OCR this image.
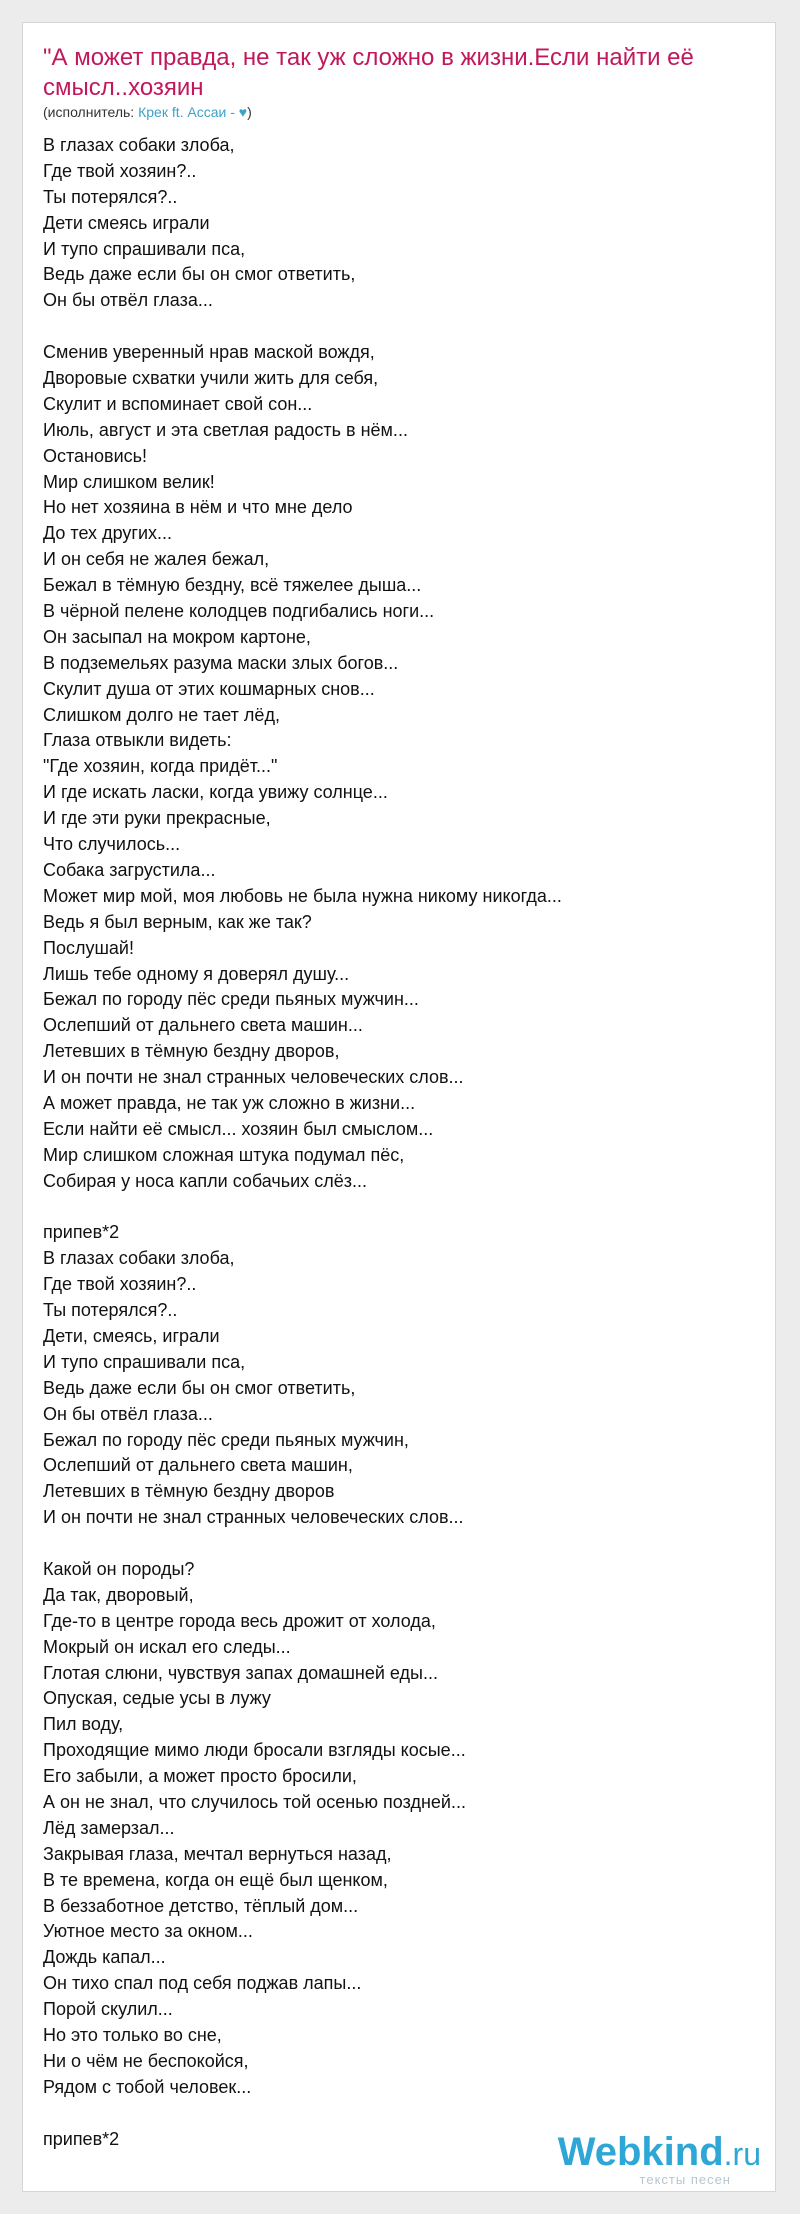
"А может правда, не так уж сложно в жизни.Если найти её смысл..хозяин
(исполнитель: Крек ft. Ассаи - ♥)
В глазах собаки злоба,
Где твой хозяин?..
Ты потерялся?..
Дети смеясь играли
И тупо спрашивали пса,
Ведь даже если бы он смог ответить,
Он бы отвёл глаза...
Сменив уверенный нрав маской вождя,
Дворовые схватки учили жить для себя,
Скулит и вспоминает свой сон...
Июль, август и эта светлая радость в нём...
Остановись!
Мир слишком велик!
Но нет хозяина в нём и что мне дело
До тех других...
И он себя не жалея бежал,
Бежал в тёмную бездну, всё тяжелее дыша...
В чёрной пелене колодцев подгибались ноги...
Он засыпал на мокром картоне,
В подземельях разума маски злых богов...
Скулит душа от этих кошмарных снов...
Слишком долго не тает лёд,
Глаза отвыкли видеть:
"Где хозяин, когда придёт..."
И где искать ласки, когда увижу солнце...
И где эти руки прекрасные,
Что случилось...
Собака загрустила...
Может мир мой, моя любовь не была нужна никому никогда...
Ведь я был верным, как же так?
Послушай!
Лишь тебе одному я доверял душу...
Бежал по городу пёс среди пьяных мужчин...
Ослепший от дальнего света машин...
Летевших в тёмную бездну дворов,
И он почти не знал странных человеческих слов...
А может правда, не так уж сложно в жизни...
Если найти её смысл... хозяин был смыслом...
Мир слишком сложная штука подумал пёс,
Собирая у носа капли собачьих слёз...
припев*2
В глазах собаки злоба,
Где твой хозяин?..
Ты потерялся?..
Дети, смеясь, играли
И тупо спрашивали пса,
Ведь даже если бы он смог ответить,
Он бы отвёл глаза...
Бежал по городу пёс среди пьяных мужчин,
Ослепший от дальнего света машин,
Летевших в тёмную бездну дворов
И он почти не знал странных человеческих слов...
Какой он породы?
Да так, дворовый,
Где-то в центре города весь дрожит от холода,
Мокрый он искал его следы...
Глотая слюни, чувствуя запах домашней еды...
Опуская, седые усы в лужу
Пил воду,
Проходящие мимо люди бросали взгляды косые...
Его забыли, а может просто бросили,
А он не знал, что случилось той осенью поздней...
Лёд замерзал...
Закрывая глаза, мечтал вернуться назад,
В те времена, когда он ещё был щенком,
В беззаботное детство, тёплый дом...
Уютное место за окном...
Дождь капал...
Он тихо спал под себя поджав лапы...
Порой скулил...
Но это только во сне,
Ни о чём не беспокойся,
Рядом с тобой человек...
припев*2	Webkind.ru
тексты песен
